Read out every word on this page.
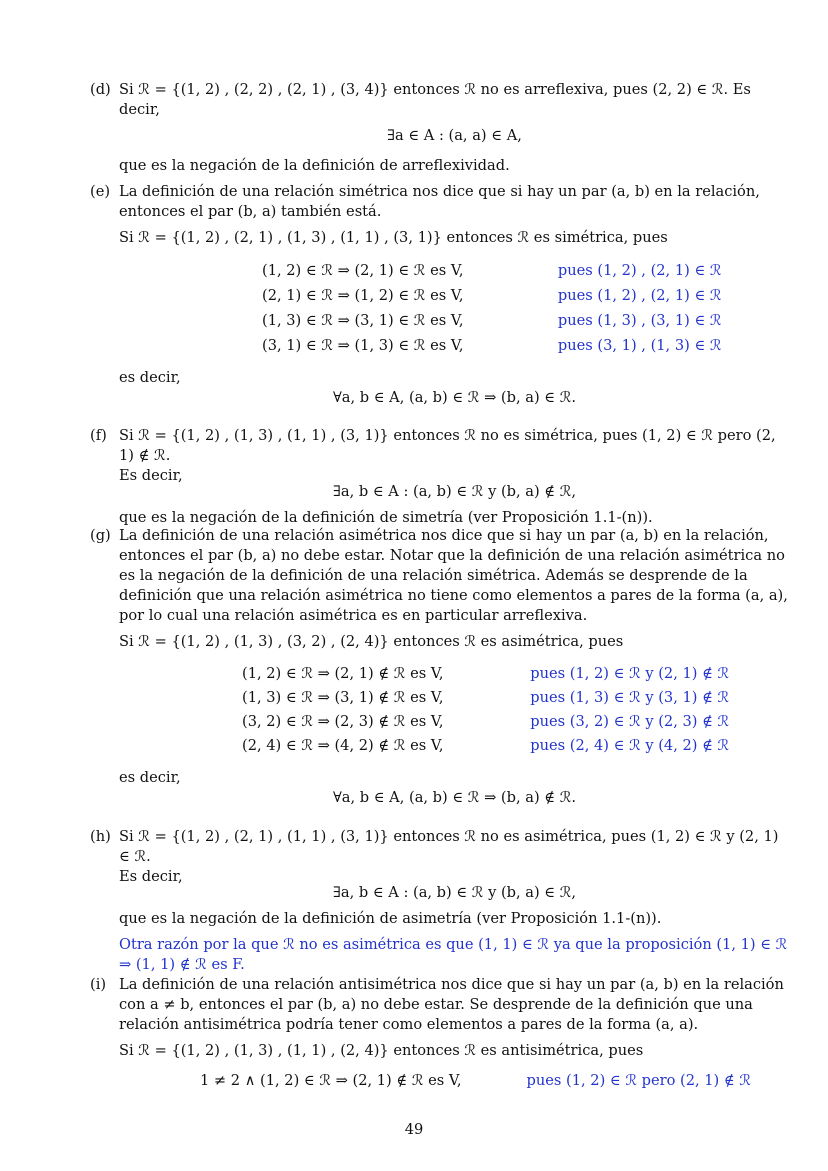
(d) Si ℛ = {(1, 2) , (2, 2) , (2, 1) , (3, 4)} entonces ℛ no es arreflexiva, pues (2, 2) ∈ ℛ. Es decir,

∃a ∈ A : (a, a) ∈ A,

que es la negación de la definición de arreflexividad.

(e) La definición de una relación simétrica nos dice que si hay un par (a, b) en la relación, entonces el par (b, a) también está.

Si ℛ = {(1, 2) , (2, 1) , (1, 3) , (1, 1) , (3, 1)} entonces ℛ es simétrica, pues

(1, 2) ∈ ℛ ⇒ (2, 1) ∈ ℛ es V,	pues (1, 2) , (2, 1) ∈ ℛ
(2, 1) ∈ ℛ ⇒ (1, 2) ∈ ℛ es V,	pues (1, 2) , (2, 1) ∈ ℛ
(1, 3) ∈ ℛ ⇒ (3, 1) ∈ ℛ es V,	pues (1, 3) , (3, 1) ∈ ℛ
(3, 1) ∈ ℛ ⇒ (1, 3) ∈ ℛ es V,	pues (3, 1) , (1, 3) ∈ ℛ

es decir,

∀a, b ∈ A, (a, b) ∈ ℛ ⇒ (b, a) ∈ ℛ.

(f) Si ℛ = {(1, 2) , (1, 3) , (1, 1) , (3, 1)} entonces ℛ no es simétrica, pues (1, 2) ∈ ℛ pero (2, 1) ∉ ℛ.

Es decir,

∃a, b ∈ A : (a, b) ∈ ℛ y (b, a) ∉ ℛ,

que es la negación de la definición de simetría (ver Proposición 1.1-(n)).

(g) La definición de una relación asimétrica nos dice que si hay un par (a, b) en la relación, entonces el par (b, a) no debe estar. Notar que la definición de una relación asimétrica no es la negación de la definición de una relación simétrica. Además se desprende de la definición que una relación asimétrica no tiene como elementos a pares de la forma (a, a), por lo cual una relación asimétrica es en particular arreflexiva.

Si ℛ = {(1, 2) , (1, 3) , (3, 2) , (2, 4)} entonces ℛ es asimétrica, pues

(1, 2) ∈ ℛ ⇒ (2, 1) ∉ ℛ es V,	pues (1, 2) ∈ ℛ y (2, 1) ∉ ℛ
(1, 3) ∈ ℛ ⇒ (3, 1) ∉ ℛ es V,	pues (1, 3) ∈ ℛ y (3, 1) ∉ ℛ
(3, 2) ∈ ℛ ⇒ (2, 3) ∉ ℛ es V,	pues (3, 2) ∈ ℛ y (2, 3) ∉ ℛ
(2, 4) ∈ ℛ ⇒ (4, 2) ∉ ℛ es V,	pues (2, 4) ∈ ℛ y (4, 2) ∉ ℛ

es decir,

∀a, b ∈ A, (a, b) ∈ ℛ ⇒ (b, a) ∉ ℛ.

(h) Si ℛ = {(1, 2) , (2, 1) , (1, 1) , (3, 1)} entonces ℛ no es asimétrica, pues (1, 2) ∈ ℛ y (2, 1) ∈ ℛ.

Es decir,

∃a, b ∈ A : (a, b) ∈ ℛ y (b, a) ∈ ℛ,

que es la negación de la definición de asimetría (ver Proposición 1.1-(n)).

Otra razón por la que ℛ no es asimétrica es que (1, 1) ∈ ℛ ya que la proposición (1, 1) ∈ ℛ ⇒ (1, 1) ∉ ℛ es F.

(i) La definición de una relación antisimétrica nos dice que si hay un par (a, b) en la relación con a ≠ b, entonces el par (b, a) no debe estar. Se desprende de la definición que una relación antisimétrica podría tener como elementos a pares de la forma (a, a).

Si ℛ = {(1, 2) , (1, 3) , (1, 1) , (2, 4)} entonces ℛ es antisimétrica, pues

1 ≠ 2 ∧ (1, 2) ∈ ℛ ⇒ (2, 1) ∉ ℛ es V,	pues (1, 2) ∈ ℛ pero (2, 1) ∉ ℛ
49
